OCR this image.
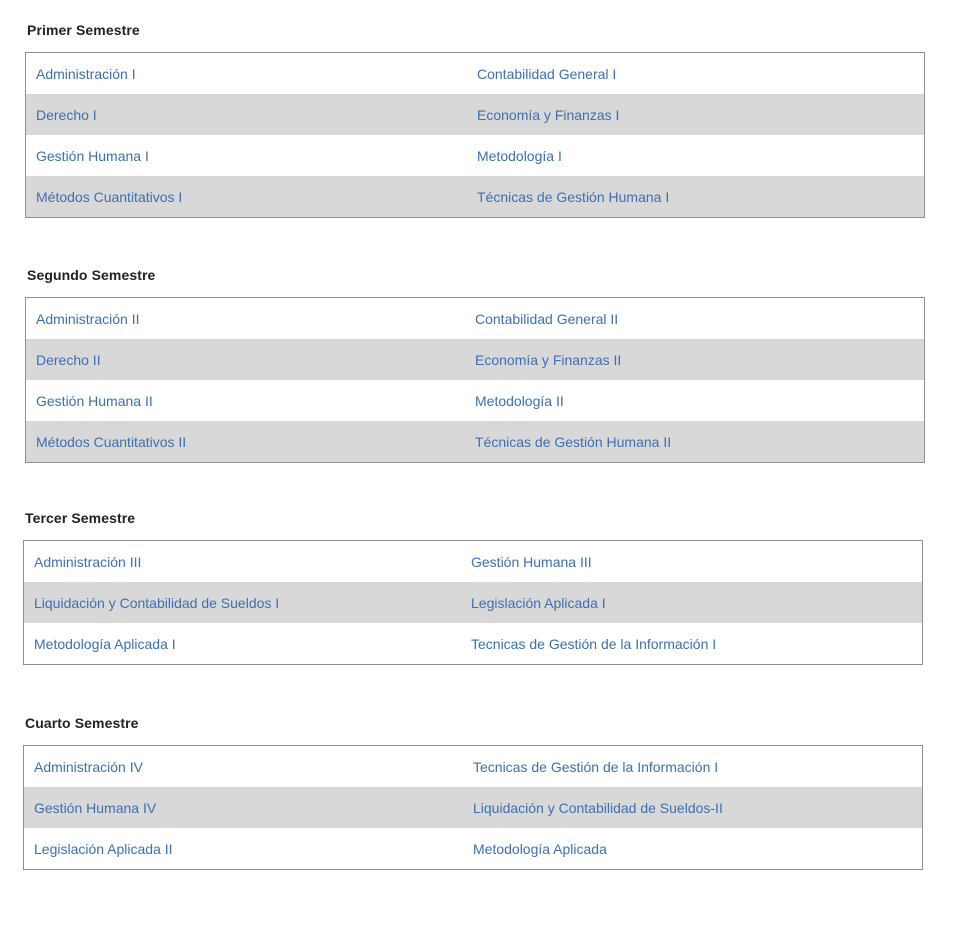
Primer Semestre
Administración I	Contabilidad General I
Derecho I	Economía y Finanzas I
Gestión Humana I	Metodología I
Métodos Cuantitativos I	Técnicas de Gestión Humana I
Segundo Semestre
Administración II	Contabilidad General II
Derecho II	Economía y Finanzas II
Gestión Humana II	Metodología II
Métodos Cuantitativos II	Técnicas de Gestión Humana II
Tercer Semestre
Administración III	Gestión Humana III
Liquidación y Contabilidad de Sueldos I	Legislación Aplicada I
Metodología Aplicada I	Tecnicas de Gestión de la Información I
Cuarto Semestre
Administración IV	Tecnicas de Gestión de la Información I
Gestión Humana IV	Liquidación y Contabilidad de Sueldos-II
Legislación Aplicada II	Metodología Aplicada
